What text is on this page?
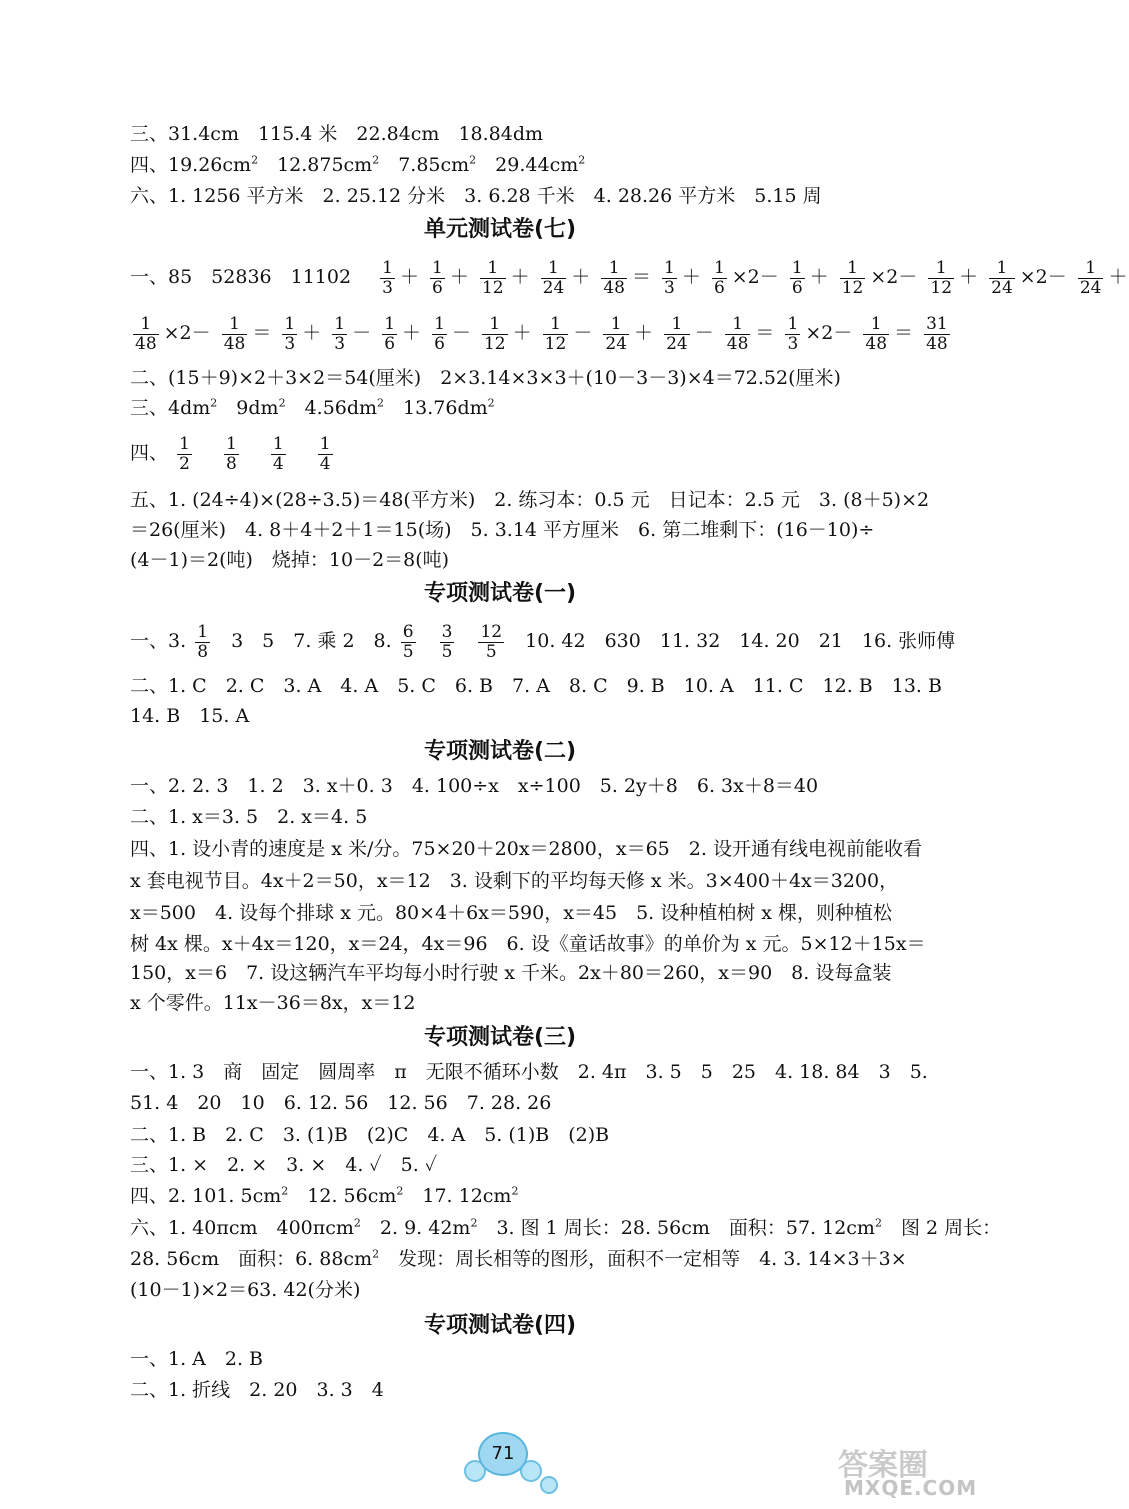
三、31.4cm　115.4 米　22.84cm　18.84dm
四、$19.26cm^2$　$12.875cm^2$　$7.85cm^2$　$29.44cm^2$
六、1. 1256 平方米　2. 25.12 分米　3. 6.28 千米　4. 28.26 平方米　5.15 周
单元测试卷(七)
一、85　52836　$11102 \frac{1}{3} + \frac{1}{6} + \frac{1}{12} + \frac{1}{24} + \frac{1}{48} = \frac{1}{3} + \frac{1}{6} \times 2- \frac{1}{6} + \frac{1}{12} \times 2- \frac{1}{12} + \frac{1}{24} \times 2- \frac{1}{24}$ ＋
$\frac{1}{48} \times 2- \frac{1}{48} = \frac{1}{3} + \frac{1}{3} - \frac{1}{6} + \frac{1}{6} - \frac{1}{12} + \frac{1}{12} - \frac{1}{24} + \frac{1}{24} - \frac{1}{48} = \frac{1}{3} \times 2- \frac{1}{48} = \frac{31}{48}$
二、(15＋9)×2＋3×2＝54(厘米)　2×3.14×3×3＋(10－3－3)×4＝72.52(厘米)
三、$4dm^2$　$9dm^2$　$4.56dm^2$　$13.76dm^2$
四、 $\frac{1}{2}$
$\frac{1}{8}$
$\frac{1}{4}$
$\frac{1}{4}$
五、1. (24÷4)×(28÷3.5)＝48(平方米)　2. 练习本：0.5 元　日记本：2.5 元　3. (8＋5)×2
＝26(厘米)　4. 8＋4＋2＋1＝15(场)　5. 3.14 平方厘米　6. 第二堆剩下：(16－10)÷
(4－1)＝2(吨)　烧掉：10－2＝8(吨)
专项测试卷(一)
一、3. $\frac{1}{8} 3$　5　7. 乘 2　8. $\frac{6}{5}$
$\frac{3}{5}$
$\frac{12}{5} 10$. 42　630　11. 32　14. 20　21　16. 张师傅
二、1. C　2. C　3. A　4. A　5. C　6. B　7. A　8. C　9. B　10. A　11. C　12. B　13. B
14. B　15. A
专项测试卷(二)
一、2. 2. 3　1. 2　3. x＋0. 3　4. 100÷x　x÷100　5. 2y＋8　6. 3x＋8＝40
二、1. x＝3. 5　2. x＝4. 5
四、1. 设小青的速度是 x 米/分。75×20＋20x＝2800，x＝65　2. 设开通有线电视前能收看
x 套电视节目。4x＋2＝50，x＝12　3. 设剩下的平均每天修 x 米。3×400＋4x＝3200，
x＝500　4. 设每个排球 x 元。80×4＋6x＝590，x＝45　5. 设种植柏树 x 棵，则种植松
树 4x 棵。x＋4x＝120，x＝24，4x＝96　6. 设《童话故事》的单价为 x 元。5×12＋15x＝
150，x＝6　7. 设这辆汽车平均每小时行驶 x 千米。2x＋80＝260，x＝90　8. 设每盒装
x 个零件。11x－36＝8x，x＝12
专项测试卷(三)
一、1. 3　商　固定　圆周率　π　无限不循环小数　2. 4π　3. 5　5　25　4. 18. 84　3　5.
51. 4　20　10　6. 12. 56　12. 56　7. 28. 26
二、1. B　2. C　3. (1)B　(2)C　4. A　5. (1)B　(2)B
三、1. ×　2. ×　3. ×　4. ✓　5. ✓
四、2. 101. $5cm^2$　12. $56cm^2$　17. $12cm^2$
六、1. 40πcm　400πcm$^2$　2. 9. $42m^2$　3. 图 1 周长：28. 56cm　面积：57. $12cm^2$　图 2 周长：
28. 56cm　面积：6. $88cm^2$　发现：周长相等的图形，面积不一定相等　4. 3. 14×3＋3×
(10－1)×2＝63. 42(分米)
专项测试卷(四)
一、1. A　2. B
二、1. 折线　2. 20　3. 3　4
71	答案圈
MXQE.COM
